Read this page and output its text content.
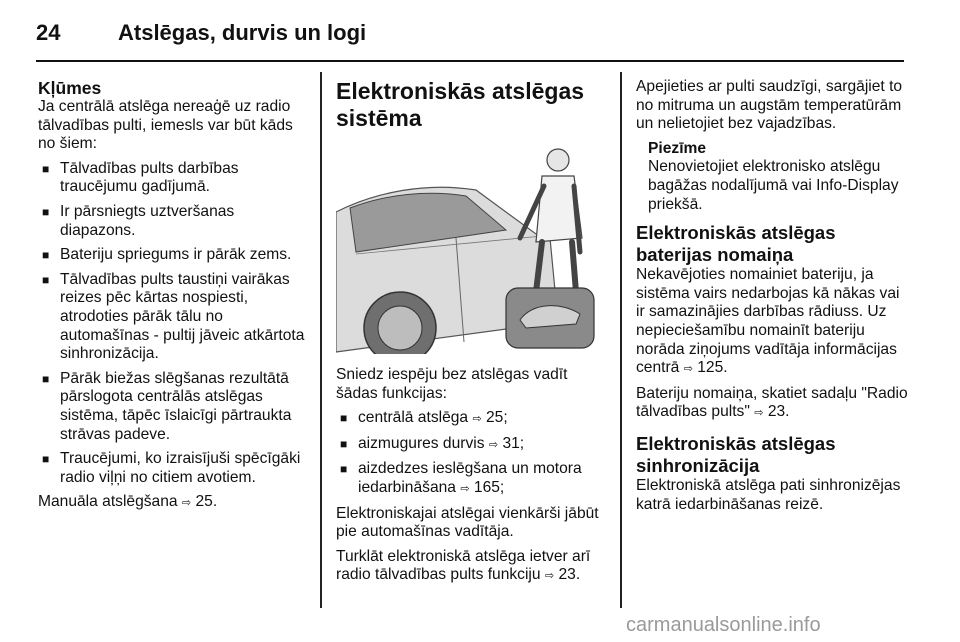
24	Atslēgas, durvis un logi
Kļūmes

Ja centrālā atslēga nereaģē uz radio tālvadības pulti, iemesls var būt kāds no šiem:

■ Tālvadības pults darbības traucējumu gadījumā.
■ Ir pārsniegts uztveršanas diapazons.
■ Bateriju spriegums ir pārāk zems.
■ Tālvadības pults taustiņi vairākas reizes pēc kārtas nospiesti, atrodoties pārāk tālu no automašīnas - pultij jāveic atkārtota sinhronizācija.
■ Pārāk biežas slēgšanas rezultātā pārslogota centrālās atslēgas sistēma, tāpēc īslaicīgi pārtraukta strāvas padeve.
■ Traucējumi, ko izraisījuši spēcīgāki radio viļņi no citiem avotiem.

Manuāla atslēgšana ⇨ 25.

Elektroniskās atslēgas sistēma

Sniedz iespēju bez atslēgas vadīt šādas funkcijas:

■ centrālā atslēga ⇨ 25;
■ aizmugures durvis ⇨ 31;
■ aizdedzes ieslēgšana un motora iedarbināšana ⇨ 165;

Elektroniskajai atslēgai vienkārši jābūt pie automašīnas vadītāja.

Turklāt elektroniskā atslēga ietver arī radio tālvadības pults funkciju ⇨ 23.

Apejieties ar pulti saudzīgi, sargājiet to no mitruma un augstām temperatūrām un nelietojiet bez vajadzības.

Piezīme
Nenovietojiet elektronisko atslēgu bagāžas nodalījumā vai Info-Display priekšā.
Elektroniskās atslēgas baterijas nomaiņa

Nekavējoties nomainiet bateriju, ja sistēma vairs nedarbojas kā nākas vai ir samazinājies darbības rādiuss. Uz nepieciešamību nomainīt bateriju norāda ziņojums vadītāja informācijas centrā ⇨ 125.

Bateriju nomaiņa, skatiet sadaļu "Radio tālvadības pults" ⇨ 23.

Elektroniskās atslēgas sinhronizācija

Elektroniskā atslēga pati sinhronizējas katrā iedarbināšanas reizē.

carmanualsonline.info
